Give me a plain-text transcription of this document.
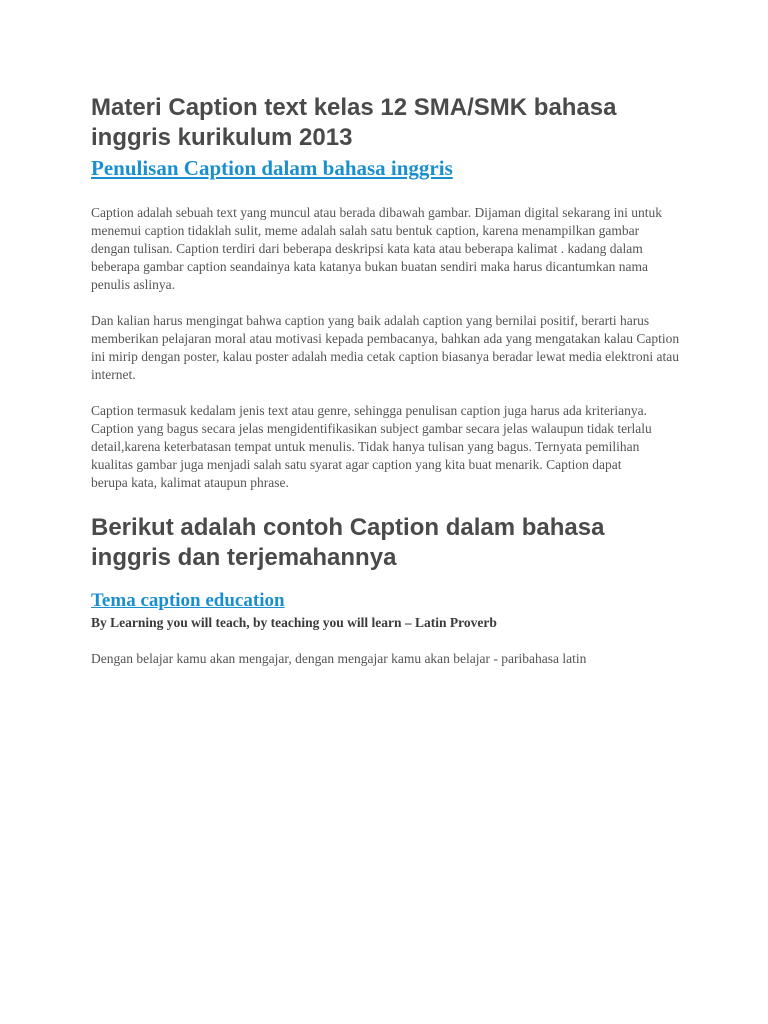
Materi Caption text kelas 12 SMA/SMK bahasa inggris kurikulum 2013
Penulisan Caption dalam bahasa inggris

Caption adalah sebuah text yang muncul atau berada dibawah gambar. Dijaman digital sekarang ini untuk menemui caption tidaklah sulit, meme adalah salah satu bentuk caption, karena menampilkan gambar dengan tulisan. Caption terdiri dari beberapa deskripsi kata kata atau beberapa kalimat . kadang dalam beberapa gambar caption seandainya kata katanya bukan buatan sendiri maka harus dicantumkan nama penulis aslinya.

Dan kalian harus mengingat bahwa caption yang baik adalah caption yang bernilai positif, berarti harus memberikan pelajaran moral atau motivasi kepada pembacanya, bahkan ada yang mengatakan kalau Caption ini mirip dengan poster, kalau poster adalah media cetak caption biasanya beradar lewat media elektroni atau internet.

Caption termasuk kedalam jenis text atau genre, sehingga penulisan caption juga harus ada kriterianya. Caption yang bagus secara jelas mengidentifikasikan subject gambar secara jelas walaupun tidak terlalu detail,karena keterbatasan tempat untuk menulis. Tidak hanya tulisan yang bagus. Ternyata pemilihan kualitas gambar juga menjadi salah satu syarat agar caption yang kita buat menarik. Caption dapat berupa kata, kalimat ataupun phrase.

Berikut adalah contoh Caption dalam bahasa inggris dan terjemahannya
Tema caption education

By Learning you will teach, by teaching you will learn – Latin Proverb

Dengan belajar kamu akan mengajar, dengan mengajar kamu akan belajar - paribahasa latin
